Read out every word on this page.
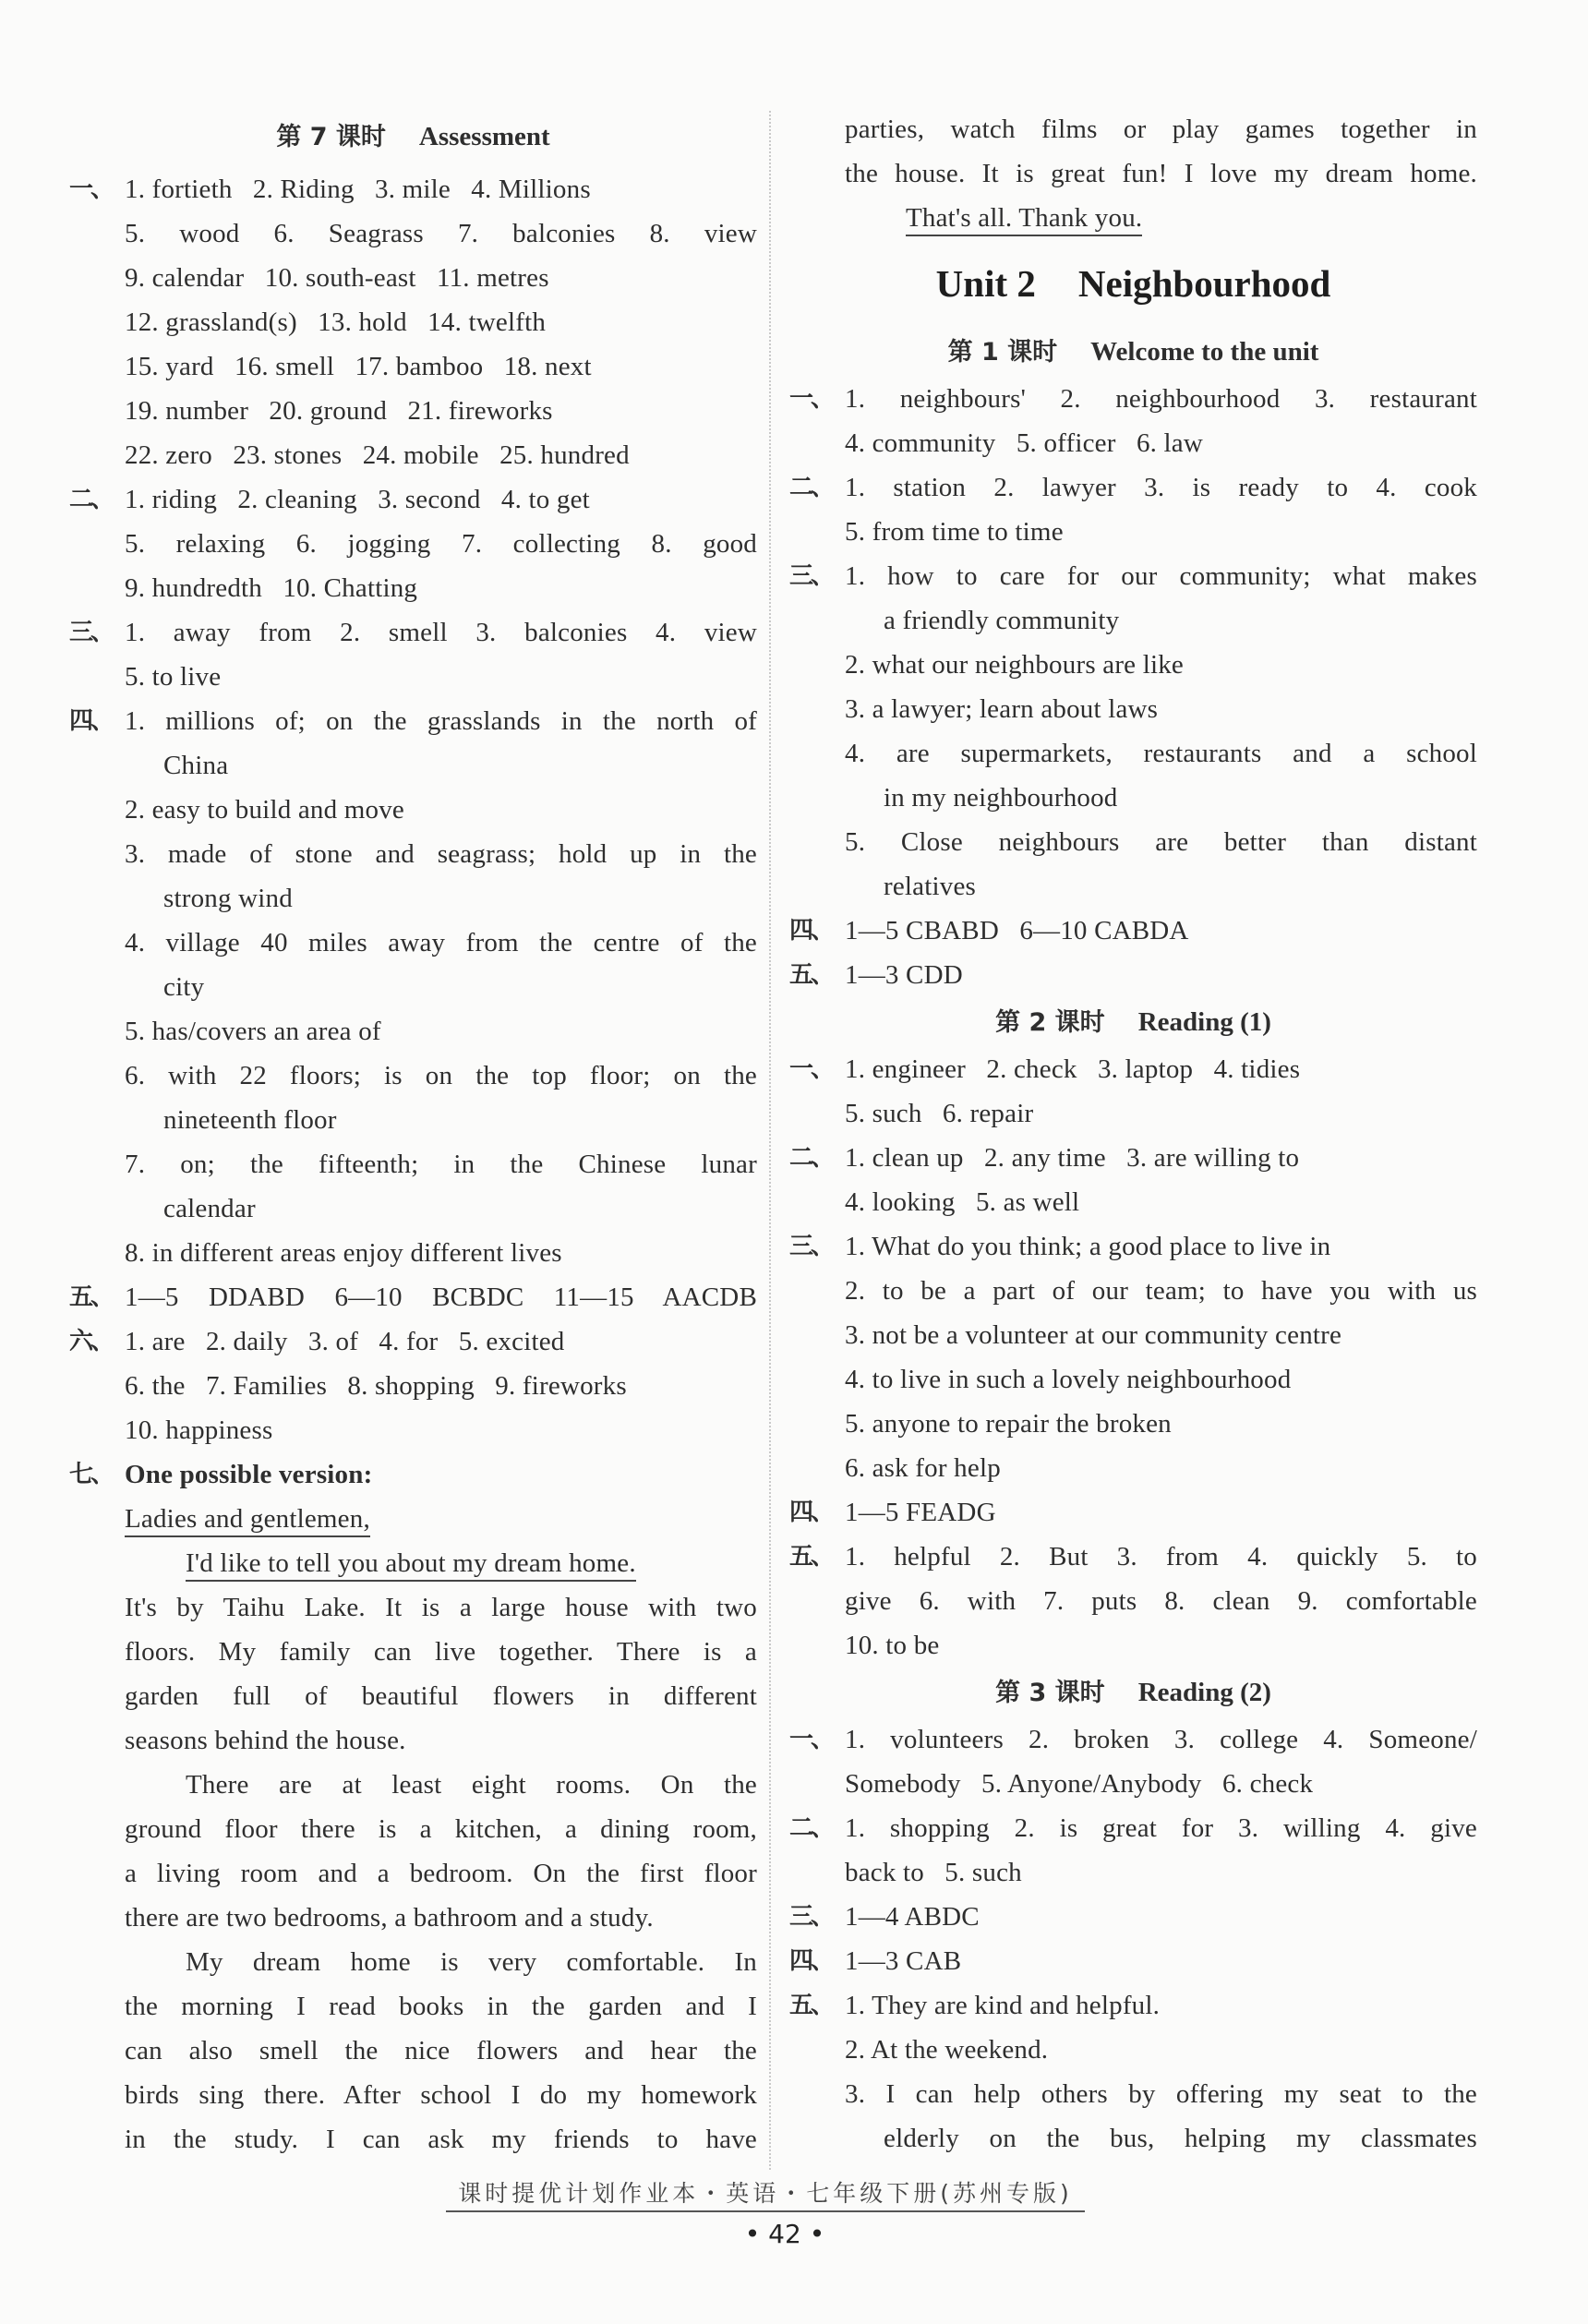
第 7 课时 Assessment
一、 1. fortieth   2. Riding   3. mile   4. Millions
5. wood 6. Seagrass 7. balconies 8. view
9. calendar   10. south-east   11. metres
12. grassland(s)   13. hold   14. twelfth
15. yard   16. smell   17. bamboo   18. next
19. number   20. ground   21. fireworks
22. zero   23. stones   24. mobile   25. hundred
二、 1. riding   2. cleaning   3. second   4. to get
5. relaxing 6. jogging 7. collecting 8. good
9. hundredth   10. Chatting
三、 1. away from 2. smell 3. balconies 4. view
5. to live
四、 1. millions of; on the grasslands in the north of
China
2. easy to build and move
3. made of stone and seagrass; hold up in the
strong wind
4. village 40 miles away from the centre of the
city
5. has/covers an area of
6. with 22 floors; is on the top floor; on the
nineteenth floor
7. on; the fifteenth; in the Chinese lunar
calendar
8. in different areas enjoy different lives
五、 1—5 DDABD 6—10 BCBDC 11—15 AACDB
六、 1. are   2. daily   3. of   4. for   5. excited
6. the   7. Families   8. shopping   9. fireworks
10. happiness
七、 One possible version:
Ladies and gentlemen,
I'd like to tell you about my dream home.
It's by Taihu Lake. It is a large house with two
floors. My family can live together. There is a
garden full of beautiful flowers in different
seasons behind the house.
There are at least eight rooms. On the
ground floor there is a kitchen, a dining room,
a living room and a bedroom. On the first floor
there are two bedrooms, a bathroom and a study.
My dream home is very comfortable. In
the morning I read books in the garden and I
can also smell the nice flowers and hear the
birds sing there. After school I do my homework
in the study. I can ask my friends to have
parties, watch films or play games together in
the house. It is great fun! I love my dream home.
That's all. Thank you.
Unit 2 Neighbourhood
第 1 课时 Welcome to the unit
一、 1. neighbours' 2. neighbourhood 3. restaurant
4. community   5. officer   6. law
二、 1. station 2. lawyer 3. is ready to 4. cook
5. from time to time
三、 1. how to care for our community; what makes
a friendly community
2. what our neighbours are like
3. a lawyer; learn about laws
4. are supermarkets, restaurants and a school
in my neighbourhood
5. Close neighbours are better than distant
relatives
四、 1—5 CBABD   6—10 CABDA
五、 1—3 CDD
第 2 课时 Reading (1)
一、 1. engineer   2. check   3. laptop   4. tidies
5. such   6. repair
二、 1. clean up   2. any time   3. are willing to
4. looking   5. as well
三、 1. What do you think; a good place to live in
2. to be a part of our team; to have you with us
3. not be a volunteer at our community centre
4. to live in such a lovely neighbourhood
5. anyone to repair the broken
6. ask for help
四、 1—5 FEADG
五、 1. helpful 2. But 3. from 4. quickly 5. to
give 6. with 7. puts 8. clean 9. comfortable
10. to be
第 3 课时 Reading (2)
一、 1. volunteers 2. broken 3. college 4. Someone/
Somebody   5. Anyone/Anybody   6. check
二、 1. shopping 2. is great for 3. willing 4. give
back to   5. such
三、 1—4 ABDC
四、 1—3 CAB
五、 1. They are kind and helpful.
2. At the weekend.
3. I can help others by offering my seat to the
elderly on the bus, helping my classmates
课时提优计划作业本・英语・七年级下册(苏州专版)
• 42 •
